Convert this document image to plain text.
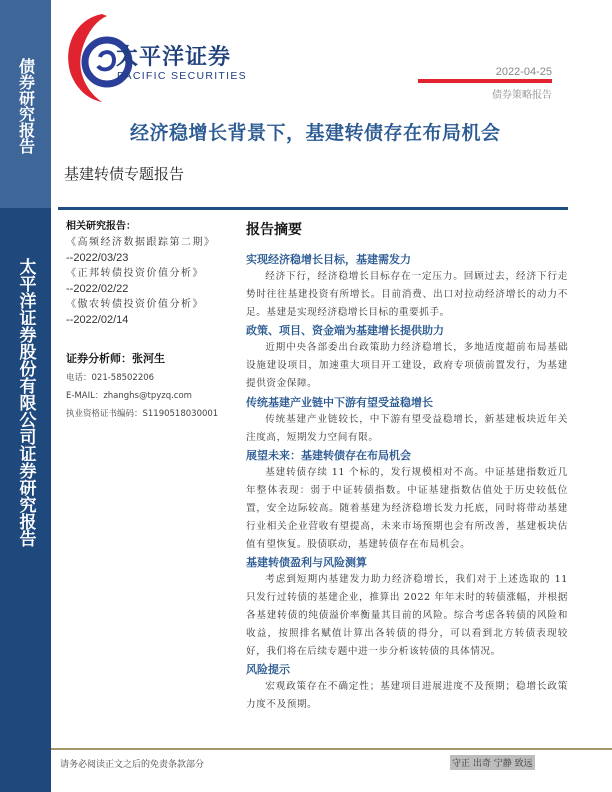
债券研究报告
太平洋证券股份有限公司证券研究报告
太平洋证券
PACIFIC SECURITIES	2022-04-25
债券策略报告
经济稳增长背景下，基建转债存在布局机会
基建转债专题报告
相关研究报告：
《高频经济数据跟踪第二期》
--2022/03/23
《正邦转债投资价值分析》
--2022/02/22
《傲农转债投资价值分析》
--2022/02/14
证券分析师：张河生
电话：021-58502206
E-MAIL：zhanghs@tpyzq.com
执业资格证书编码：S1190518030001
报告摘要
实现经济稳增长目标，基建需发力

经济下行，经济稳增长目标存在一定压力。回顾过去，经济下行走势时往往基建投资有所增长。目前消费、出口对拉动经济增长的动力不足。基建是实现经济稳增长目标的重要抓手。

政策、项目、资金端为基建增长提供助力

近期中央各部委出台政策助力经济稳增长，多地适度超前布局基础设施建设项目，加速重大项目开工建设，政府专项债前置发行，为基建提供资金保障。

传统基建产业链中下游有望受益稳增长

传统基建产业链较长，中下游有望受益稳增长，新基建板块近年关注度高，短期发力空间有限。

展望未来：基建转债存在布局机会

基建转债存续 11 个标的，发行规模相对不高。中证基建指数近几年整体表现：弱于中证转债指数。中证基建指数估值处于历史较低位置，安全边际较高。随着基建为经济稳增长发力托底，同时将带动基建行业相关企业营收有望提高，未来市场预期也会有所改善，基建板块估值有望恢复。股债联动，基建转债存在布局机会。

基建转债盈利与风险测算

考虑到短期内基建发力助力经济稳增长，我们对于上述选取的 11 只发行过转债的基建企业，推算出 2022 年年末时的转债涨幅，并根据各基建转债的纯债溢价率衡量其目前的风险。综合考虑各转债的风险和收益，按照排名赋值计算出各转债的得分，可以看到北方转债表现较好，我们将在后续专题中进一步分析该转债的具体情况。

风险提示

宏观政策存在不确定性；基建项目进展进度不及预期；稳增长政策力度不及预期。

请务必阅读正文之后的免责条款部分	守正 出奇 宁静 致远
